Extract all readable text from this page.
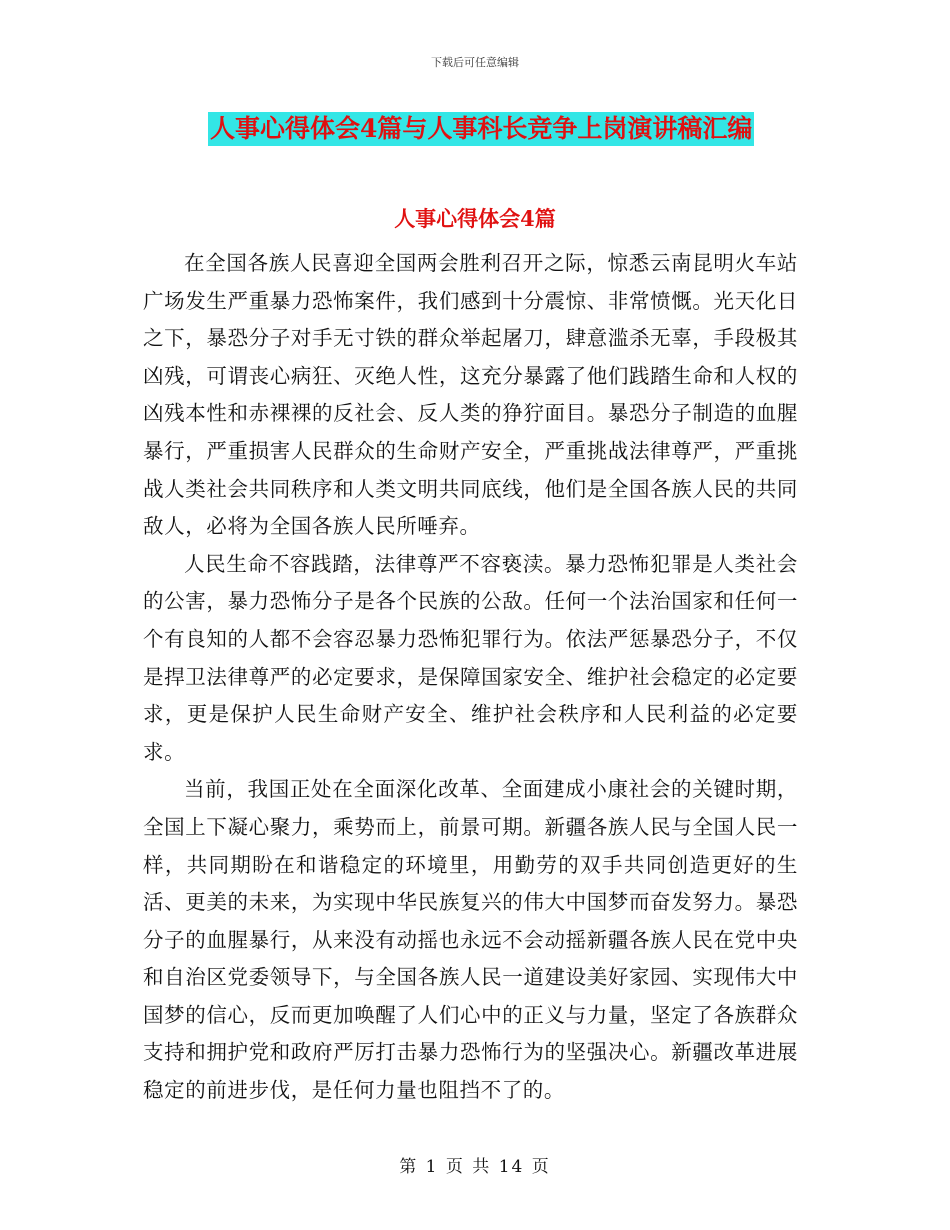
下载后可任意编辑
人事心得体会4篇与人事科长竞争上岗演讲稿汇编
人事心得体会4篇

在全国各族人民喜迎全国两会胜利召开之际，惊悉云南昆明火车站广场发生严重暴力恐怖案件，我们感到十分震惊、非常愤慨。光天化日之下，暴恐分子对手无寸铁的群众举起屠刀，肆意滥杀无辜，手段极其凶残，可谓丧心病狂、灭绝人性，这充分暴露了他们践踏生命和人权的凶残本性和赤裸裸的反社会、反人类的狰狞面目。暴恐分子制造的血腥暴行，严重损害人民群众的生命财产安全，严重挑战法律尊严，严重挑战人类社会共同秩序和人类文明共同底线，他们是全国各族人民的共同敌人，必将为全国各族人民所唾弃。

人民生命不容践踏，法律尊严不容亵渎。暴力恐怖犯罪是人类社会的公害，暴力恐怖分子是各个民族的公敌。任何一个法治国家和任何一个有良知的人都不会容忍暴力恐怖犯罪行为。依法严惩暴恐分子，不仅是捍卫法律尊严的必定要求，是保障国家安全、维护社会稳定的必定要求，更是保护人民生命财产安全、维护社会秩序和人民利益的必定要求。

当前，我国正处在全面深化改革、全面建成小康社会的关键时期，全国上下凝心聚力，乘势而上，前景可期。新疆各族人民与全国人民一样，共同期盼在和谐稳定的环境里，用勤劳的双手共同创造更好的生活、更美的未来，为实现中华民族复兴的伟大中国梦而奋发努力。暴恐分子的血腥暴行，从来没有动摇也永远不会动摇新疆各族人民在党中央和自治区党委领导下，与全国各族人民一道建设美好家园、实现伟大中国梦的信心，反而更加唤醒了人们心中的正义与力量，坚定了各族群众支持和拥护党和政府严厉打击暴力恐怖行为的坚强决心。新疆改革进展稳定的前进步伐，是任何力量也阻挡不了的。

第 1 页 共 14 页
